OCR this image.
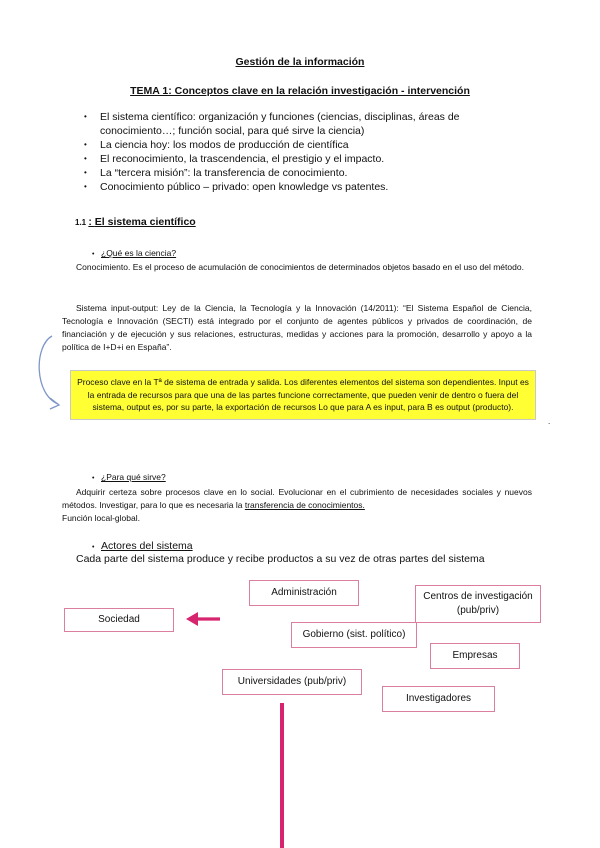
Gestión de la información
TEMA 1: Conceptos clave en la relación investigación - intervención
• El sistema científico: organización y funciones (ciencias, disciplinas, áreas de conocimiento…; función social, para qué sirve la ciencia)
• La ciencia hoy: los modos de producción de científica
• El reconocimiento, la trascendencia, el prestigio y el impacto.
• La “tercera misión”: la transferencia de conocimiento.
• Conocimiento público – privado: open knowledge vs patentes.
1.1 : El sistema científico
• ¿Qué es la ciencia?
Conocimiento. Es el proceso de acumulación de conocimientos de determinados objetos basado en el uso del método.
Sistema input-output: Ley de la Ciencia, la Tecnología y la Innovación (14/2011): “El Sistema Español de Ciencia, Tecnología e Innovación (SECTI) está integrado por el conjunto de agentes públicos y privados de coordinación, de financiación y de ejecución y sus relaciones, estructuras, medidas y acciones para la promoción, desarrollo y apoyo a la política de I+D+i en España”.
Proceso clave en la Tª de sistema de entrada y salida. Los diferentes elementos del sistema son dependientes. Input es la entrada de recursos para que una de las partes funcione correctamente, que pueden venir de dentro o fuera del sistema, output es, por su parte, la exportación de recursos Lo que para A es input, para B es output (producto).
.
• ¿Para qué sirve?
Adquirir certeza sobre procesos clave en lo social. Evolucionar en el cubrimiento de necesidades sociales y nuevos métodos. Investigar, para lo que es necesaria la transferencia de conocimientos.
Función local-global.
• Actores del sistema
Cada parte del sistema produce y recibe productos a su vez de otras partes del sistema
Sociedad
Administración	Centros de investigación (pub/priv)
Gobierno (sist. político)
Empresas
Universidades (pub/priv)
Investigadores
